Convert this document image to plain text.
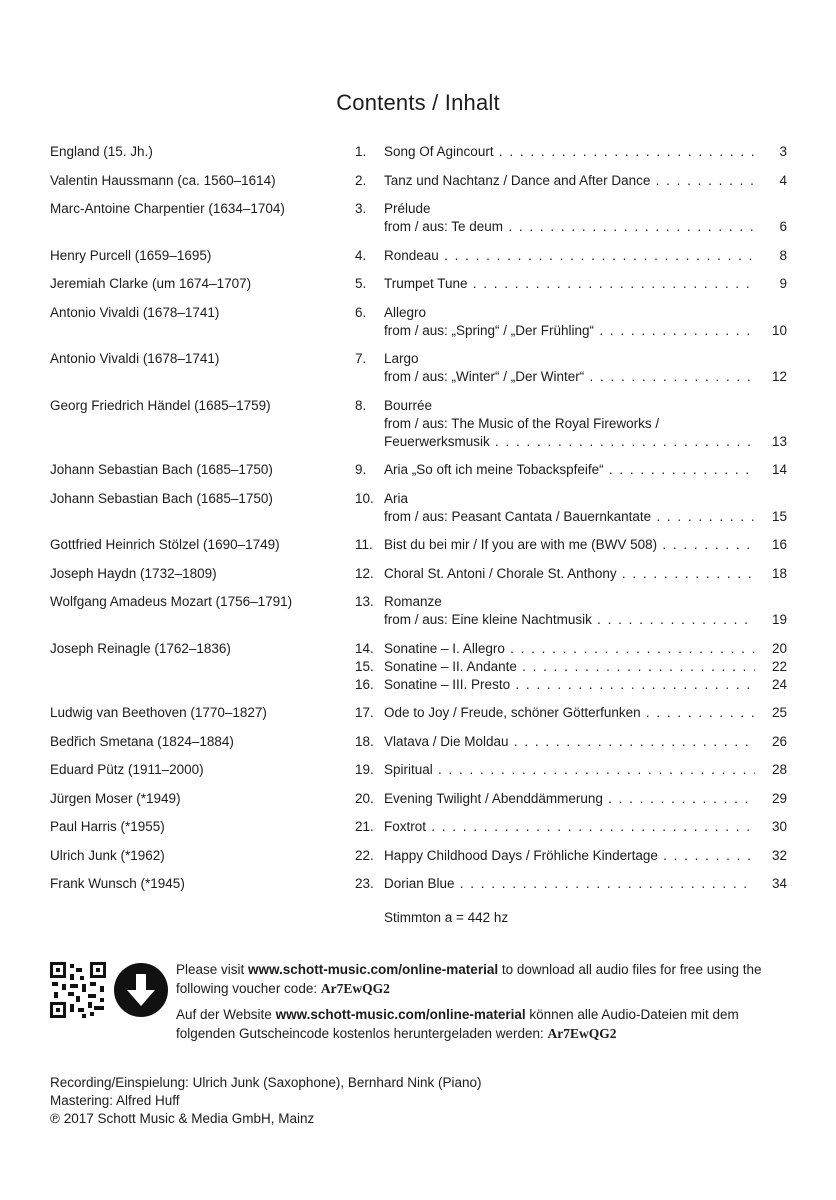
Contents / Inhalt
England (15. Jh.)	1.	Song Of Agincourt . . .	3
Valentin Haussmann (ca. 1560–1614)	2.	Tanz und Nachtanz / Dance and After Dance . . .	4
Marc-Antoine Charpentier (1634–1704)	3.	Prélude
from / aus: Te deum . . .	6
Henry Purcell (1659–1695)	4.	Rondeau . . .	8
Jeremiah Clarke (um 1674–1707)	5.	Trumpet Tune . . .	9
Antonio Vivaldi (1678–1741)	6.	Allegro
from / aus: „Spring“ / „Der Frühling“ . . .	10
Antonio Vivaldi (1678–1741)	7.	Largo
from / aus: „Winter“ / „Der Winter“ . . .	12
Georg Friedrich Händel (1685–1759)	8.	Bourrée
from / aus: The Music of the Royal Fireworks /
Feuerwerksmusik . . .	13
Johann Sebastian Bach (1685–1750)	9.	Aria „So oft ich meine Tobackspfeife“ . . .	14
Johann Sebastian Bach (1685–1750)	10. Aria
from / aus: Peasant Cantata / Bauernkantate . . .	15
Gottfried Heinrich Stölzel (1690–1749)	11. Bist du bei mir / If you are with me (BWV 508) . . .	16
Joseph Haydn (1732–1809)	12. Choral St. Antoni / Chorale St. Anthony . . .	18
Wolfgang Amadeus Mozart (1756–1791)	13. Romanze
from / aus: Eine kleine Nachtmusik . . .	19
Joseph Reinagle (1762–1836)	14. Sonatine – I. Allegro . . .	20
15. Sonatine – II. Andante . . .	22
16. Sonatine – III. Presto . . .	24
Ludwig van Beethoven (1770–1827)	17. Ode to Joy / Freude, schöner Götterfunken . . .	25
Bedřich Smetana (1824–1884)	18. Vlatava / Die Moldau . . .	26
Eduard Pütz (1911–2000)	19. Spiritual . . .	28
Jürgen Moser (*1949)	20. Evening Twilight / Abenddämmerung . . .	29
Paul Harris (*1955)	21. Foxtrot . . .	30
Ulrich Junk (*1962)	22. Happy Childhood Days / Fröhliche Kindertage . . .	32
Frank Wunsch (*1945)	23. Dorian Blue . . .	34
Stimmton a = 442 hz

Please visit www.schott-music.com/online-material to download all audio files for free using the following voucher code: Ar7EwQG2

Auf der Website www.schott-music.com/online-material können alle Audio-Dateien mit dem folgenden Gutscheincode kostenlos heruntergeladen werden: Ar7EwQG2

Recording/Einspielung: Ulrich Junk (Saxophone), Bernhard Nink (Piano)
Mastering: Alfred Huff
℗ 2017 Schott Music & Media GmbH, Mainz
